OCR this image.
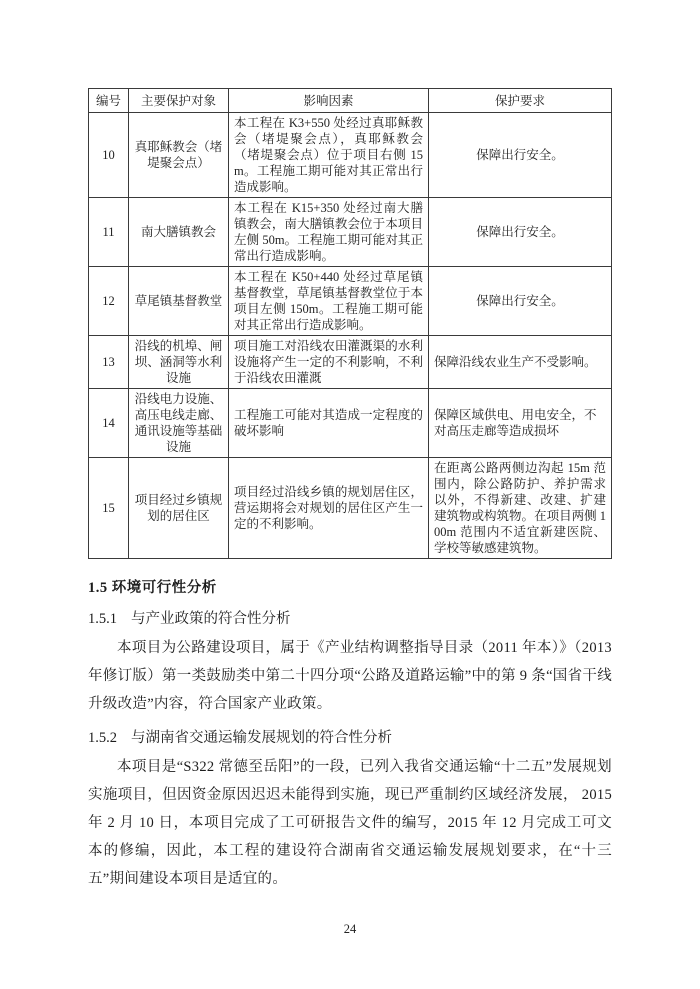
编号	主要保护对象	影响因素	保护要求
10	真耶稣教会（堵堤聚会点）	本工程在 K3+550 处经过真耶稣教会（堵堤聚会点），真耶稣教会（堵堤聚会点）位于项目右侧 15m。工程施工期可能对其正常出行造成影响。	保障出行安全。
11	南大膳镇教会	本工程在 K15+350 处经过南大膳镇教会，南大膳镇教会位于本项目左侧 50m。工程施工期可能对其正常出行造成影响。	保障出行安全。
12	草尾镇基督教堂	本工程在 K50+440 处经过草尾镇基督教堂，草尾镇基督教堂位于本项目左侧 150m。工程施工期可能对其正常出行造成影响。	保障出行安全。
13	沿线的机埠、闸坝、涵洞等水利设施	项目施工对沿线农田灌溉渠的水利设施将产生一定的不利影响，不利于沿线农田灌溉	保障沿线农业生产不受影响。
14	沿线电力设施、高压电线走廊、通讯设施等基础设施	工程施工可能对其造成一定程度的破坏影响	保障区域供电、用电安全，不对高压走廊等造成损坏
15	项目经过乡镇规划的居住区	项目经过沿线乡镇的规划居住区，营运期将会对规划的居住区产生一定的不利影响。	在距离公路两侧边沟起 15m 范围内，除公路防护、养护需求以外，不得新建、改建、扩建建筑物或构筑物。在项目两侧 100m 范围内不适宜新建医院、学校等敏感建筑物。
1.5 环境可行性分析
1.5.1 与产业政策的符合性分析

本项目为公路建设项目，属于《产业结构调整指导目录（2011 年本）》（2013 年修订版）第一类鼓励类中第二十四分项“公路及道路运输”中的第 9 条“国省干线升级改造”内容，符合国家产业政策。

1.5.2 与湖南省交通运输发展规划的符合性分析

本项目是“S322 常德至岳阳”的一段，已列入我省交通运输“十二五”发展规划实施项目，但因资金原因迟迟未能得到实施，现已严重制约区域经济发展， 2015 年 2 月 10 日，本项目完成了工可研报告文件的编写，2015 年 12 月完成工可文本的修编，因此，本工程的建设符合湖南省交通运输发展规划要求，在“十三五”期间建设本项目是适宜的。

24
